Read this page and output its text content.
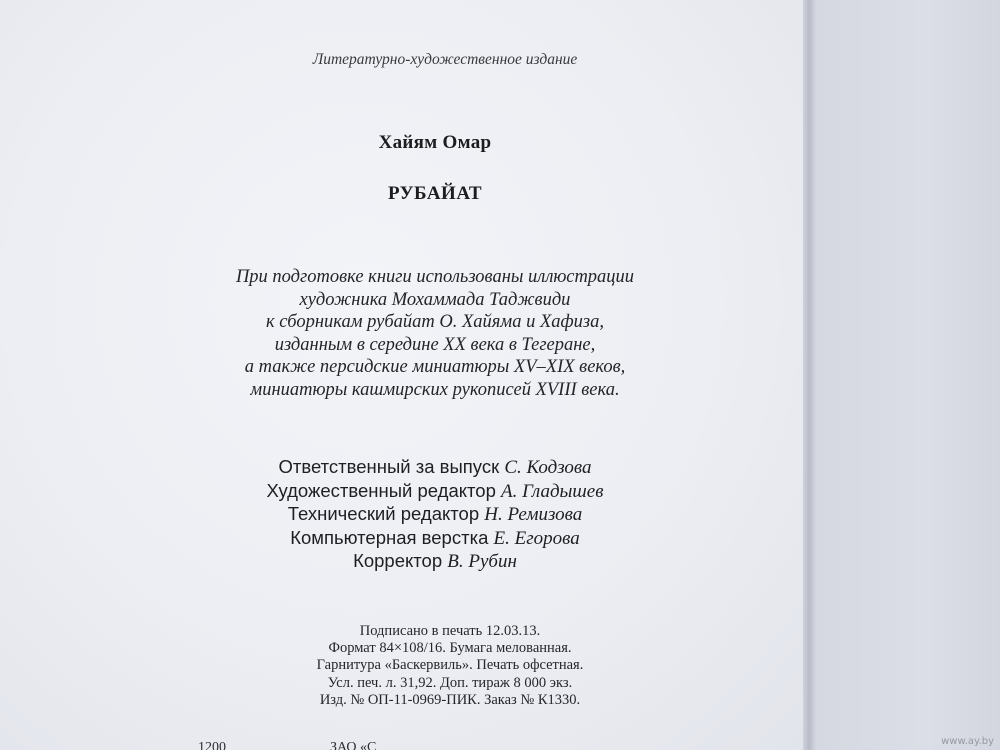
Литературно-художественное издание
Хайям Омар
РУБАЙАТ
При подготовке книги использованы иллюстрации
художника Мохаммада Таджвиди
к сборникам рубайат О. Хайяма и Хафиза,
изданным в середине XX века в Тегеране,
а также персидские миниатюры XV–XIX веков,
миниатюры кашмирских рукописей XVIII века.
Ответственный за выпуск С. Кодзова
Художественный редактор А. Гладышев
Технический редактор Н. Ремизова
Компьютерная верстка Е. Егорова
Корректор В. Рубин
Подписано в печать 12.03.13.
Формат 84×108/16. Бумага мелованная.
Гарнитура «Баскервиль». Печать офсетная.
Усл. печ. л. 31,92. Доп. тираж 8 000 экз.
Изд. № ОП-11-0969-ПИК. Заказ № К1330.
1200	ЗАО «С	www.ay.by
